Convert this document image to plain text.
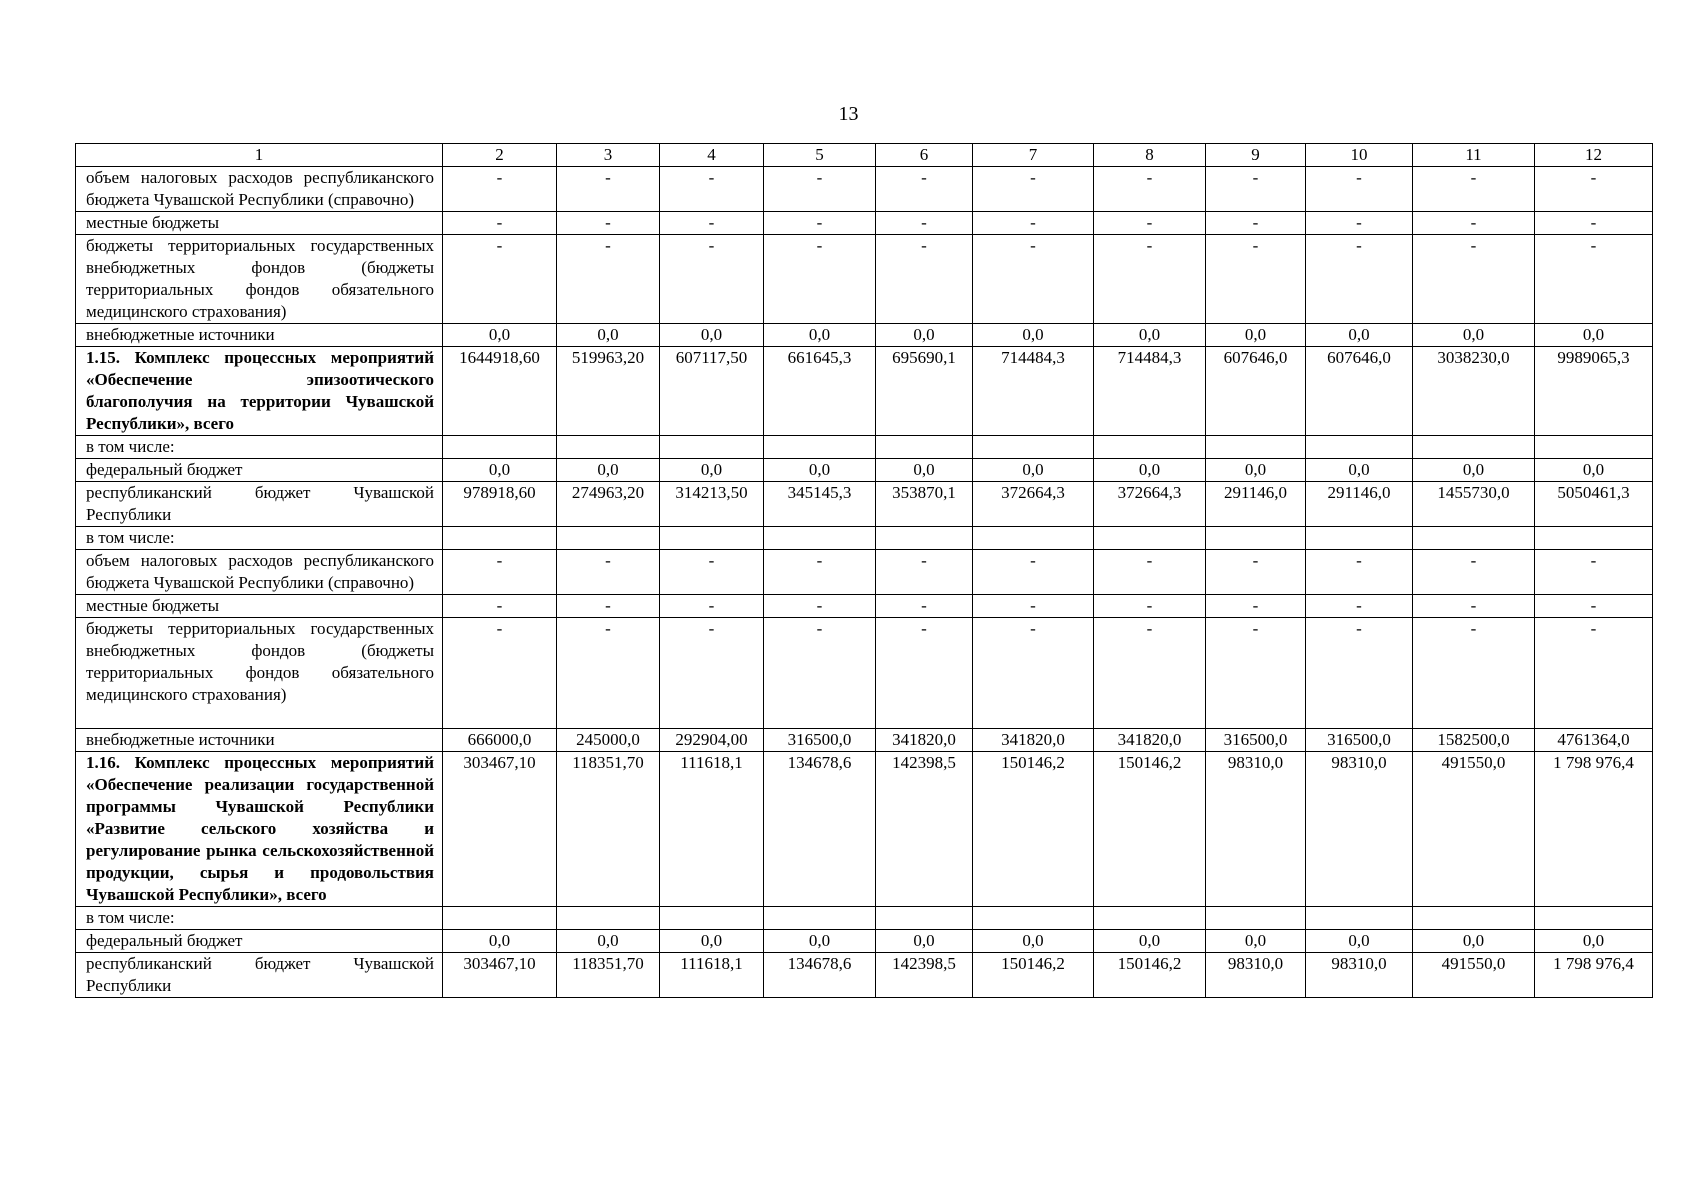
13
1	2	3	4	5	6	7	8	9	10	11	12
объем налоговых расходов республиканского бюджета Чувашской Республики (справочно)	-	-	-	-	-	-	-	-	-	-	-
местные бюджеты	-	-	-	-	-	-	-	-	-	-	-
бюджеты территориальных государственных внебюджетных фондов (бюджеты территориальных фондов обязательного медицинского страхования)	-	-	-	-	-	-	-	-	-	-	-
внебюджетные источники	0,0	0,0	0,0	0,0	0,0	0,0	0,0	0,0	0,0	0,0	0,0
1.15. Комплекс процессных мероприятий «Обеспечение эпизоотического благополучия на территории Чувашской Республики», всего	1644918,60	519963,20	607117,50	661645,3	695690,1	714484,3	714484,3	607646,0	607646,0	3038230,0	9989065,3
в том числе:											
федеральный бюджет	0,0	0,0	0,0	0,0	0,0	0,0	0,0	0,0	0,0	0,0	0,0
республиканский бюджет Чувашской Республики	978918,60	274963,20	314213,50	345145,3	353870,1	372664,3	372664,3	291146,0	291146,0	1455730,0	5050461,3
в том числе:											
объем налоговых расходов республиканского бюджета Чувашской Республики (справочно)	-	-	-	-	-	-	-	-	-	-	-
местные бюджеты	-	-	-	-	-	-	-	-	-	-	-
бюджеты территориальных государственных внебюджетных фондов (бюджеты территориальных фондов обязательного медицинского страхования)	-	-	-	-	-	-	-	-	-	-	-
внебюджетные источники	666000,0	245000,0	292904,00	316500,0	341820,0	341820,0	341820,0	316500,0	316500,0	1582500,0	4761364,0
1.16. Комплекс процессных мероприятий «Обеспечение реализации государственной программы Чувашской Республики «Развитие сельского хозяйства и регулирование рынка сельскохозяйственной продукции, сырья и продовольствия Чувашской Республики», всего	303467,10	118351,70	111618,1	134678,6	142398,5	150146,2	150146,2	98310,0	98310,0	491550,0	1 798 976,4
в том числе:											
федеральный бюджет	0,0	0,0	0,0	0,0	0,0	0,0	0,0	0,0	0,0	0,0	0,0
республиканский бюджет Чувашской Республики	303467,10	118351,70	111618,1	134678,6	142398,5	150146,2	150146,2	98310,0	98310,0	491550,0	1 798 976,4
